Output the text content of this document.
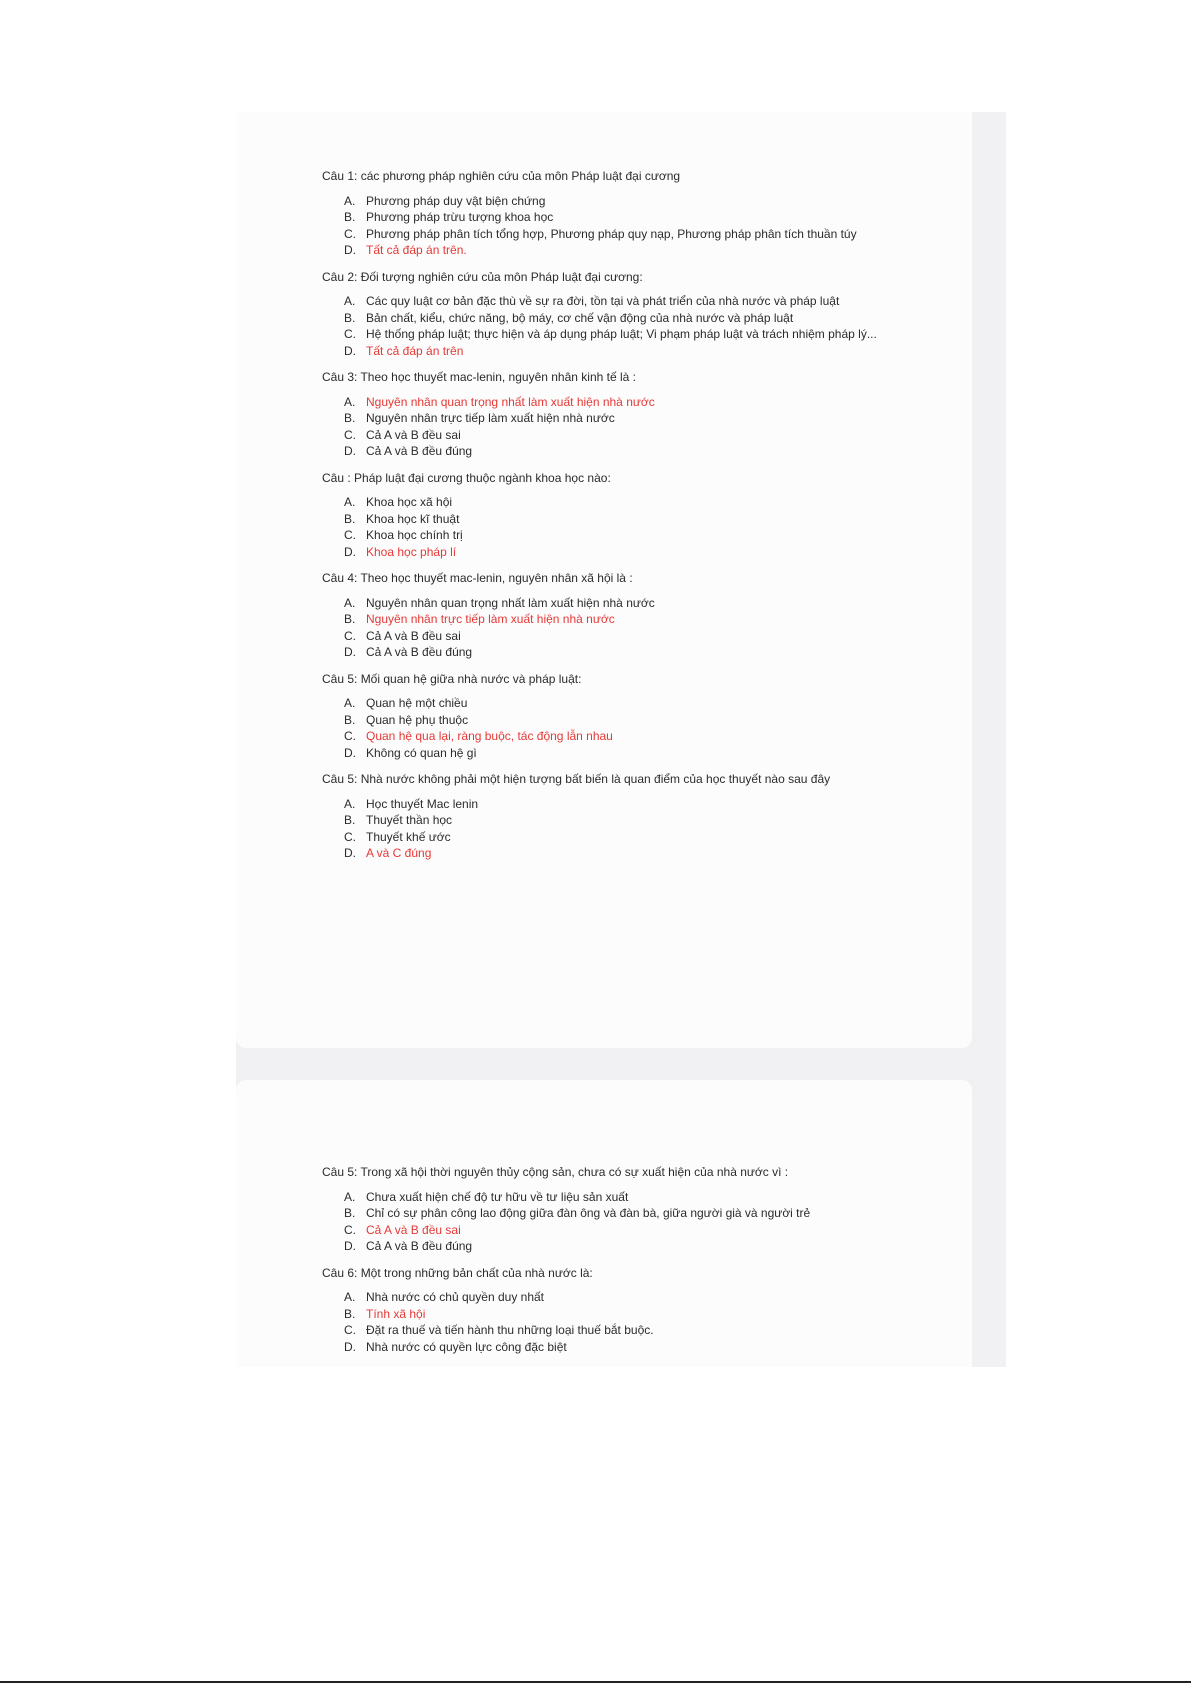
Câu 1: các phương pháp nghiên cứu của môn Pháp luật đại cương
A. Phương pháp duy vật biện chứng
B. Phương pháp trừu tượng khoa học
C. Phương pháp phân tích tổng hợp, Phương pháp quy nạp, Phương pháp phân tích thuần túy
D. Tất cả đáp án trên.
Câu 2: Đối tượng nghiên cứu của môn Pháp luật đại cương:
A. Các quy luật cơ bản đặc thù về sự ra đời, tồn tại và phát triển của nhà nước và pháp luật
B. Bản chất, kiểu, chức năng, bộ máy, cơ chế vận động của nhà nước và pháp luật
C. Hệ thống pháp luật; thực hiện và áp dụng pháp luật; Vi phạm pháp luật và trách nhiệm pháp lý...
D. Tất cả đáp án trên
Câu 3: Theo học thuyết mac-lenin, nguyên nhân kinh tế là :
A. Nguyên nhân quan trọng nhất làm xuất hiện nhà nước
B. Nguyên nhân trực tiếp làm xuất hiện nhà nước
C. Cả A và B đều sai
D. Cả A và B đều đúng
Câu : Pháp luật đại cương thuộc ngành khoa học nào:
A. Khoa học xã hội
B. Khoa học kĩ thuật
C. Khoa học chính trị
D. Khoa học pháp lí
Câu 4: Theo học thuyết mac-lenin, nguyên nhân xã hội là :
A. Nguyên nhân quan trọng nhất làm xuất hiện nhà nước
B. Nguyên nhân trực tiếp làm xuất hiện nhà nước
C. Cả A và B đều sai
D. Cả A và B đều đúng
Câu 5: Mối quan hệ giữa nhà nước và pháp luật:
A. Quan hệ một chiều
B. Quan hệ phụ thuộc
C. Quan hệ qua lại, ràng buộc, tác động lẫn nhau
D. Không có quan hệ gì
Câu 5: Nhà nước không phải một hiện tượng bất biến là quan điểm của học thuyết nào sau đây
A. Học thuyết Mac lenin
B. Thuyết thần học
C. Thuyết khế ước
D. A và C đúng
Câu 5: Trong xã hội thời nguyên thủy cộng sản, chưa có sự xuất hiện của nhà nước vì :
A. Chưa xuất hiện chế độ tư hữu về tư liệu sản xuất
B. Chỉ có sự phân công lao động giữa đàn ông và đàn bà, giữa người già và người trẻ
C. Cả A và B đều sai
D. Cả A và B đều đúng
Câu 6: Một trong những bản chất của nhà nước là:
A. Nhà nước có chủ quyền duy nhất
B. Tính xã hội
C. Đặt ra thuế và tiến hành thu những loại thuế bắt buộc.
D. Nhà nước có quyền lực công đặc biệt
